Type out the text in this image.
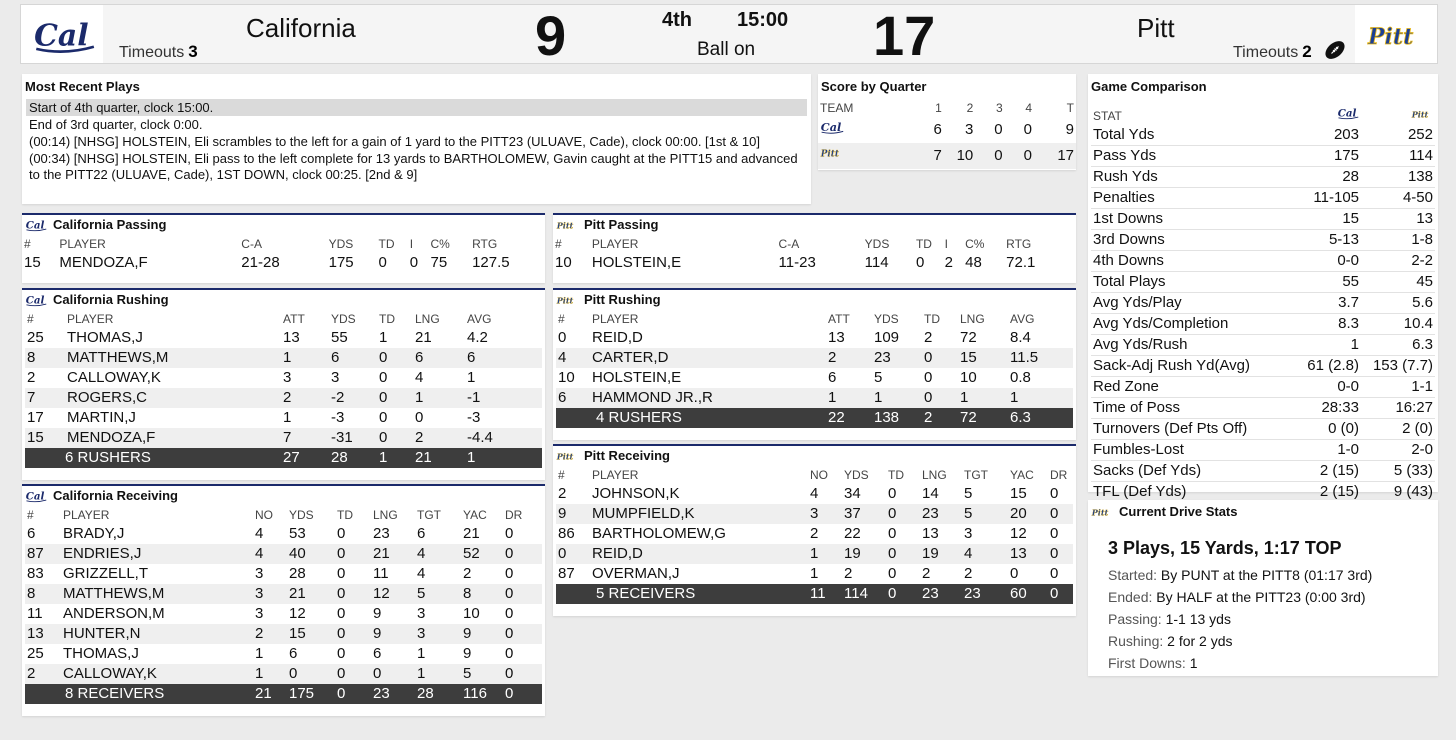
Timeouts 3
California	9	4th 15:00
Ball on 17	Pitt
Timeouts 2
Most Recent Plays
Start of 4th quarter, clock 15:00.
End of 3rd quarter, clock 0:00.
(00:14) [NHSG] HOLSTEIN, Eli scrambles to the left for a gain of 1 yard to the PITT23 (ULUAVE, Cade), clock 00:00. [1st & 10]
(00:34) [NHSG] HOLSTEIN, Eli pass to the left complete for 13 yards to BARTHOLOMEW, Gavin caught at the PITT15 and advanced to the PITT22 (ULUAVE, Cade), 1ST DOWN, clock 00:25. [2nd & 9]
Score by Quarter
TEAM	1	2	3	4	T
	6	3	0	0	9
	7	10	0	0	17
California Passing
#	PLAYER	C-A	YDS	TD	I	C%	RTG
15	MENDOZA,F	21-28	175	0	0	75	127.5
California Rushing
#	PLAYER	ATT	YDS	TD	LNG	AVG
25	THOMAS,J	13	55	1	21	4.2
8	MATTHEWS,M	1	6	0	6	6
2	CALLOWAY,K	3	3	0	4	1
7	ROGERS,C	2	-2	0	1	-1
17	MARTIN,J	1	-3	0	0	-3
15	MENDOZA,F	7	-31	0	2	-4.4
6 RUSHERS		27	28	1	21	1
California Receiving
#	PLAYER	NO	YDS	TD	LNG	TGT	YAC	DR
6	BRADY,J	4	53	0	23	6	21	0
87	ENDRIES,J	4	40	0	21	4	52	0
83	GRIZZELL,T	3	28	0	11	4	2	0
8	MATTHEWS,M	3	21	0	12	5	8	0
11	ANDERSON,M	3	12	0	9	3	10	0
13	HUNTER,N	2	15	0	9	3	9	0
25	THOMAS,J	1	6	0	6	1	9	0
2	CALLOWAY,K	1	0	0	0	1	5	0
8 RECEIVERS		21	175	0	23	28	116	0
Pitt Passing
#	PLAYER	C-A	YDS	TD	I	C%	RTG
10	HOLSTEIN,E	11-23	114	0	2	48	72.1
Pitt Rushing
#	PLAYER	ATT	YDS	TD	LNG	AVG
0	REID,D	13	109	2	72	8.4
4	CARTER,D	2	23	0	15	11.5
10	HOLSTEIN,E	6	5	0	10	0.8
6	HAMMOND JR.,R	1	1	0	1	1
4 RUSHERS		22	138	2	72	6.3
Pitt Receiving
#	PLAYER	NO	YDS	TD	LNG	TGT	YAC	DR
2	JOHNSON,K	4	34	0	14	5	15	0
9	MUMPFIELD,K	3	37	0	23	5	20	0
86	BARTHOLOMEW,G	2	22	0	13	3	12	0
0	REID,D	1	19	0	19	4	13	0
87	OVERMAN,J	1	2	0	2	2	0	0
5 RECEIVERS		11	114	0	23	23	60	0
Game Comparison
STAT		
Total Yds	203	252
Pass Yds	175	114
Rush Yds	28	138
Penalties	11-105	4-50
1st Downs	15	13
3rd Downs	5-13	1-8
4th Downs	0-0	2-2
Total Plays	55	45
Avg Yds/Play	3.7	5.6
Avg Yds/Completion	8.3	10.4
Avg Yds/Rush	1	6.3
Sack-Adj Rush Yd(Avg)	61 (2.8)	153 (7.7)
Red Zone	0-0	1-1
Time of Poss	28:33	16:27
Turnovers (Def Pts Off)	0 (0)	2 (0)
Fumbles-Lost	1-0	2-0
Sacks (Def Yds)	2 (15)	5 (33)
TFL (Def Yds)	2 (15)	9 (43)
Current Drive Stats
3 Plays, 15 Yards, 1:17 TOP
Started: By PUNT at the PITT8 (01:17 3rd)
Ended: By HALF at the PITT23 (0:00 3rd)
Passing: 1-1 13 yds
Rushing: 2 for 2 yds
First Downs: 1
